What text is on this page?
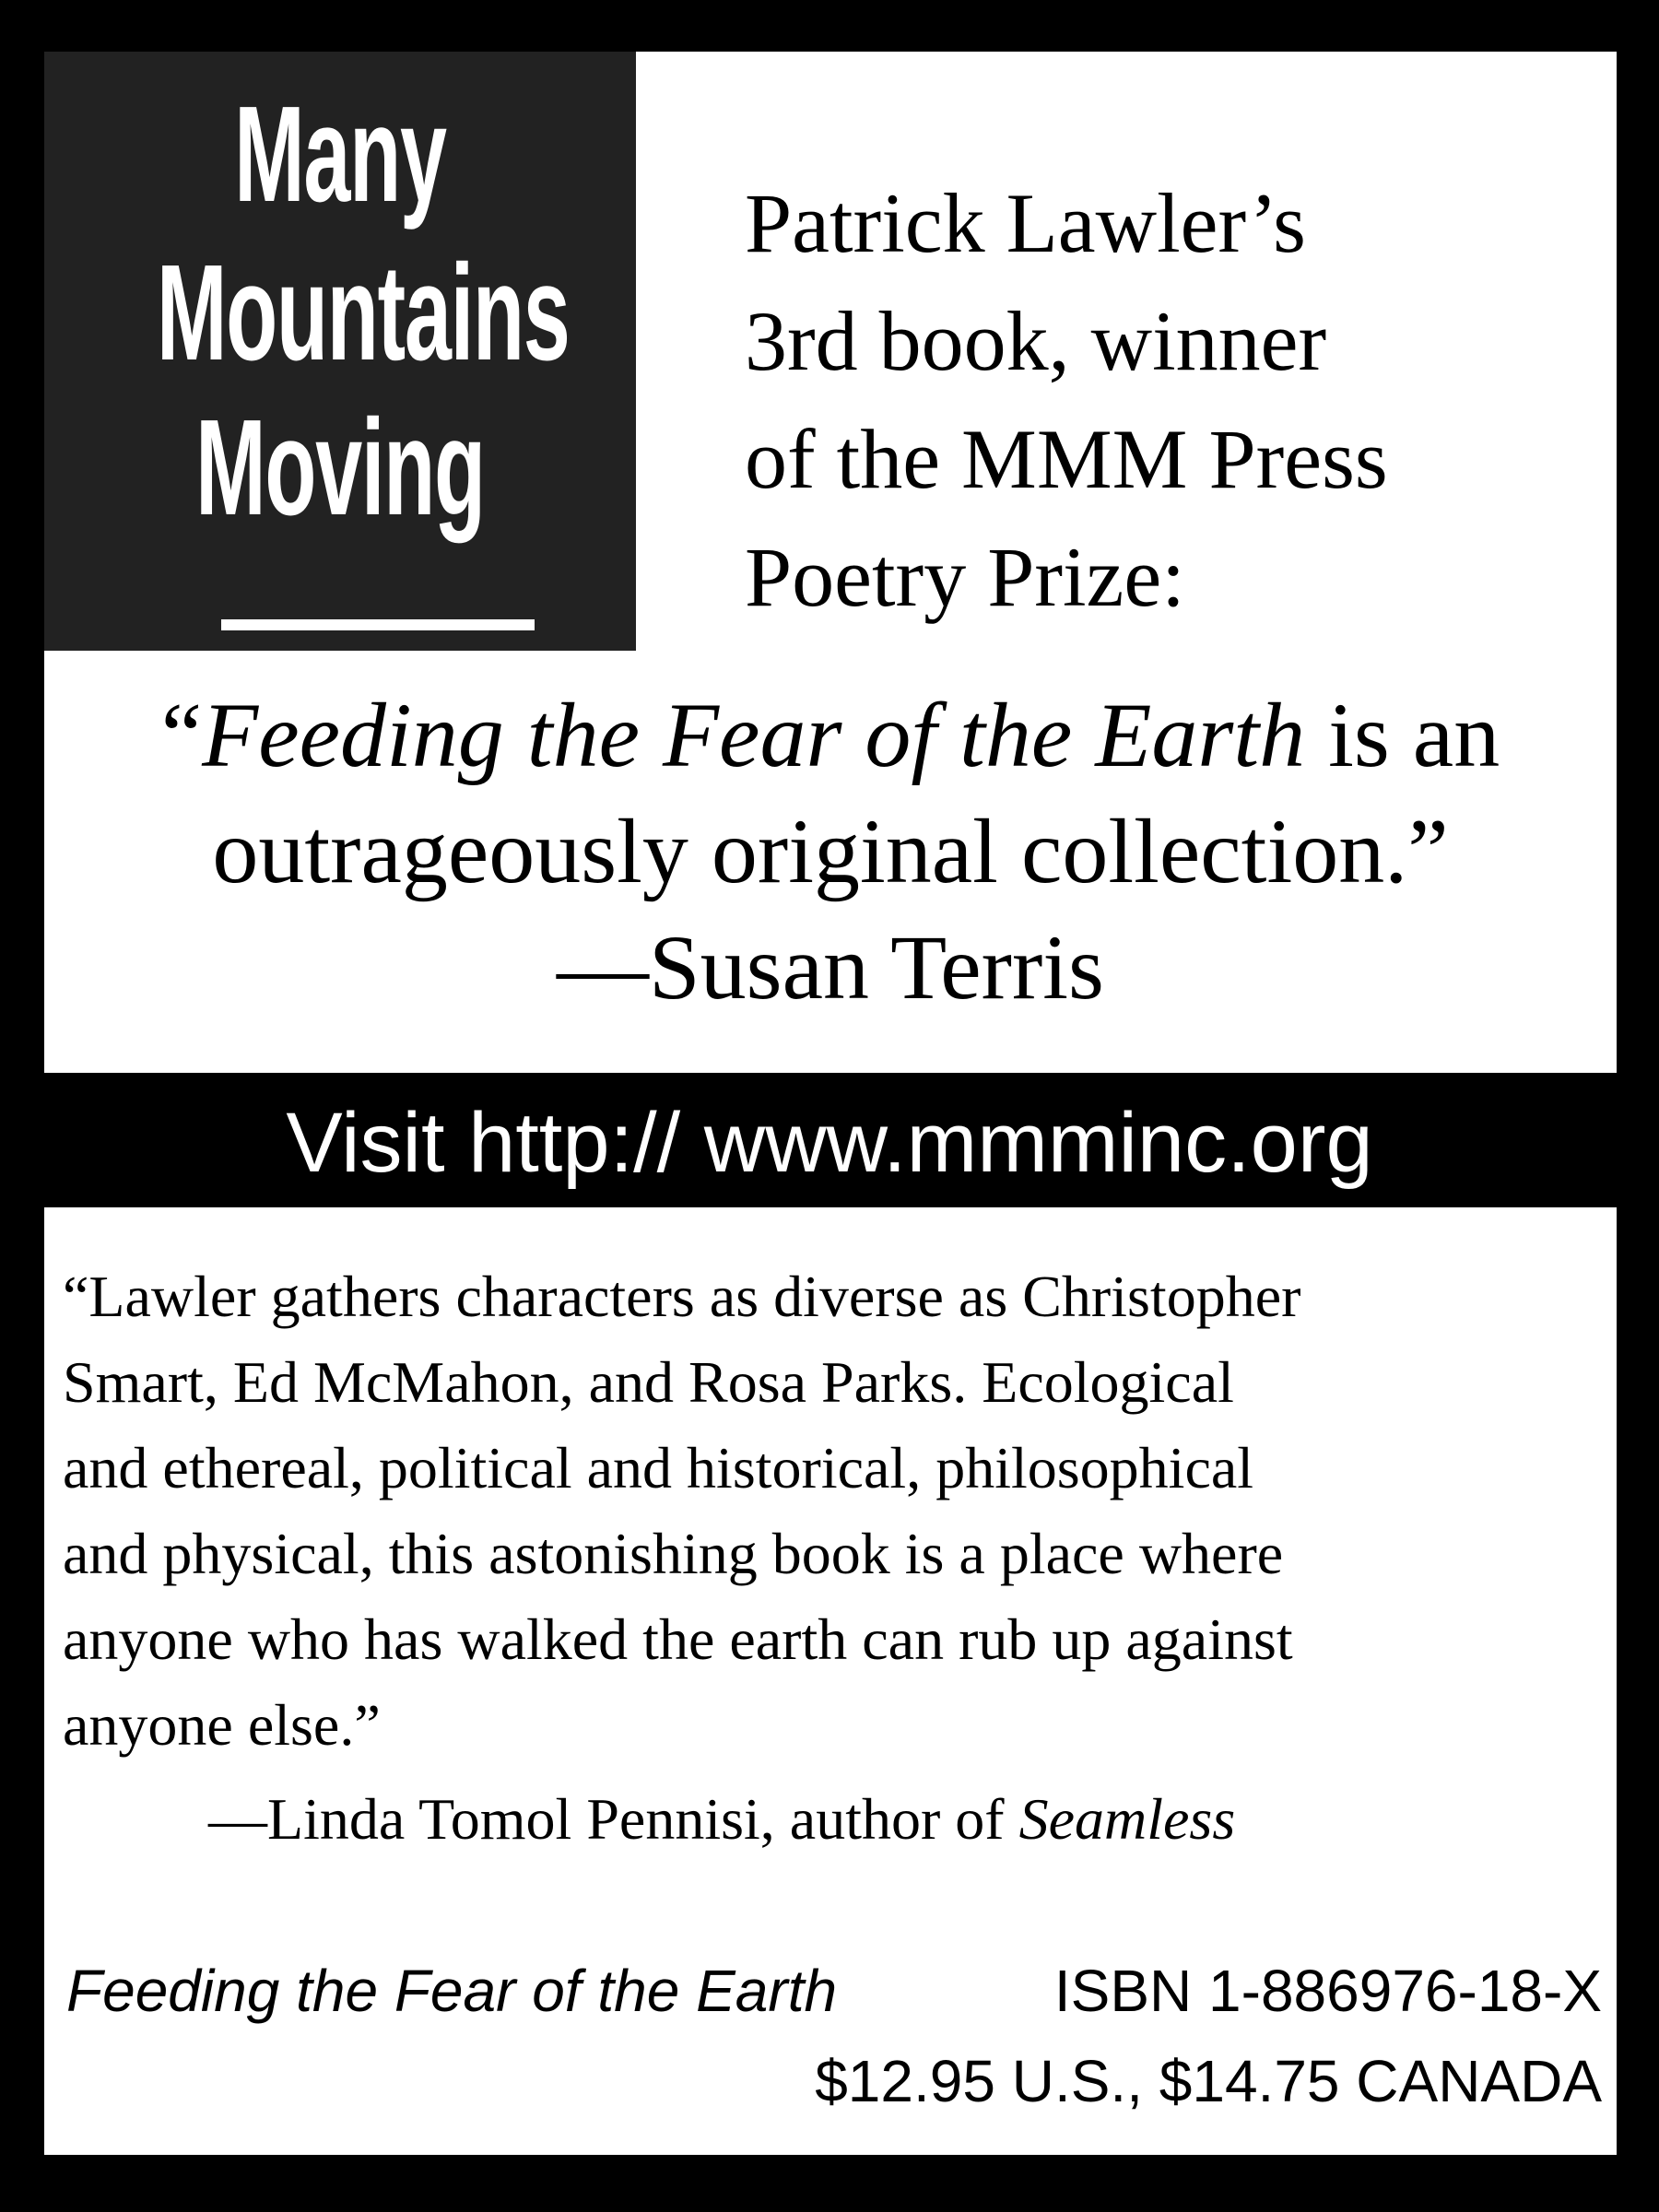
Many
Mountains
Moving
Patrick Lawler’s
3rd book, winner
of the MMM Press
Poetry Prize:
“Feeding the Fear of the Earth is an
outrageously original collection.”
—Susan Terris
Visit http:// www.mmminc.org
“Lawler gathers characters as diverse as Christopher
Smart, Ed McMahon, and Rosa Parks. Ecological
and ethereal, political and historical, philosophical
and physical, this astonishing book is a place where
anyone who has walked the earth can rub up against
anyone else.”
—Linda Tomol Pennisi, author of Seamless
Feeding the Fear of the Earth	ISBN 1-886976-18-X
$12.95 U.S., $14.75 CANADA
